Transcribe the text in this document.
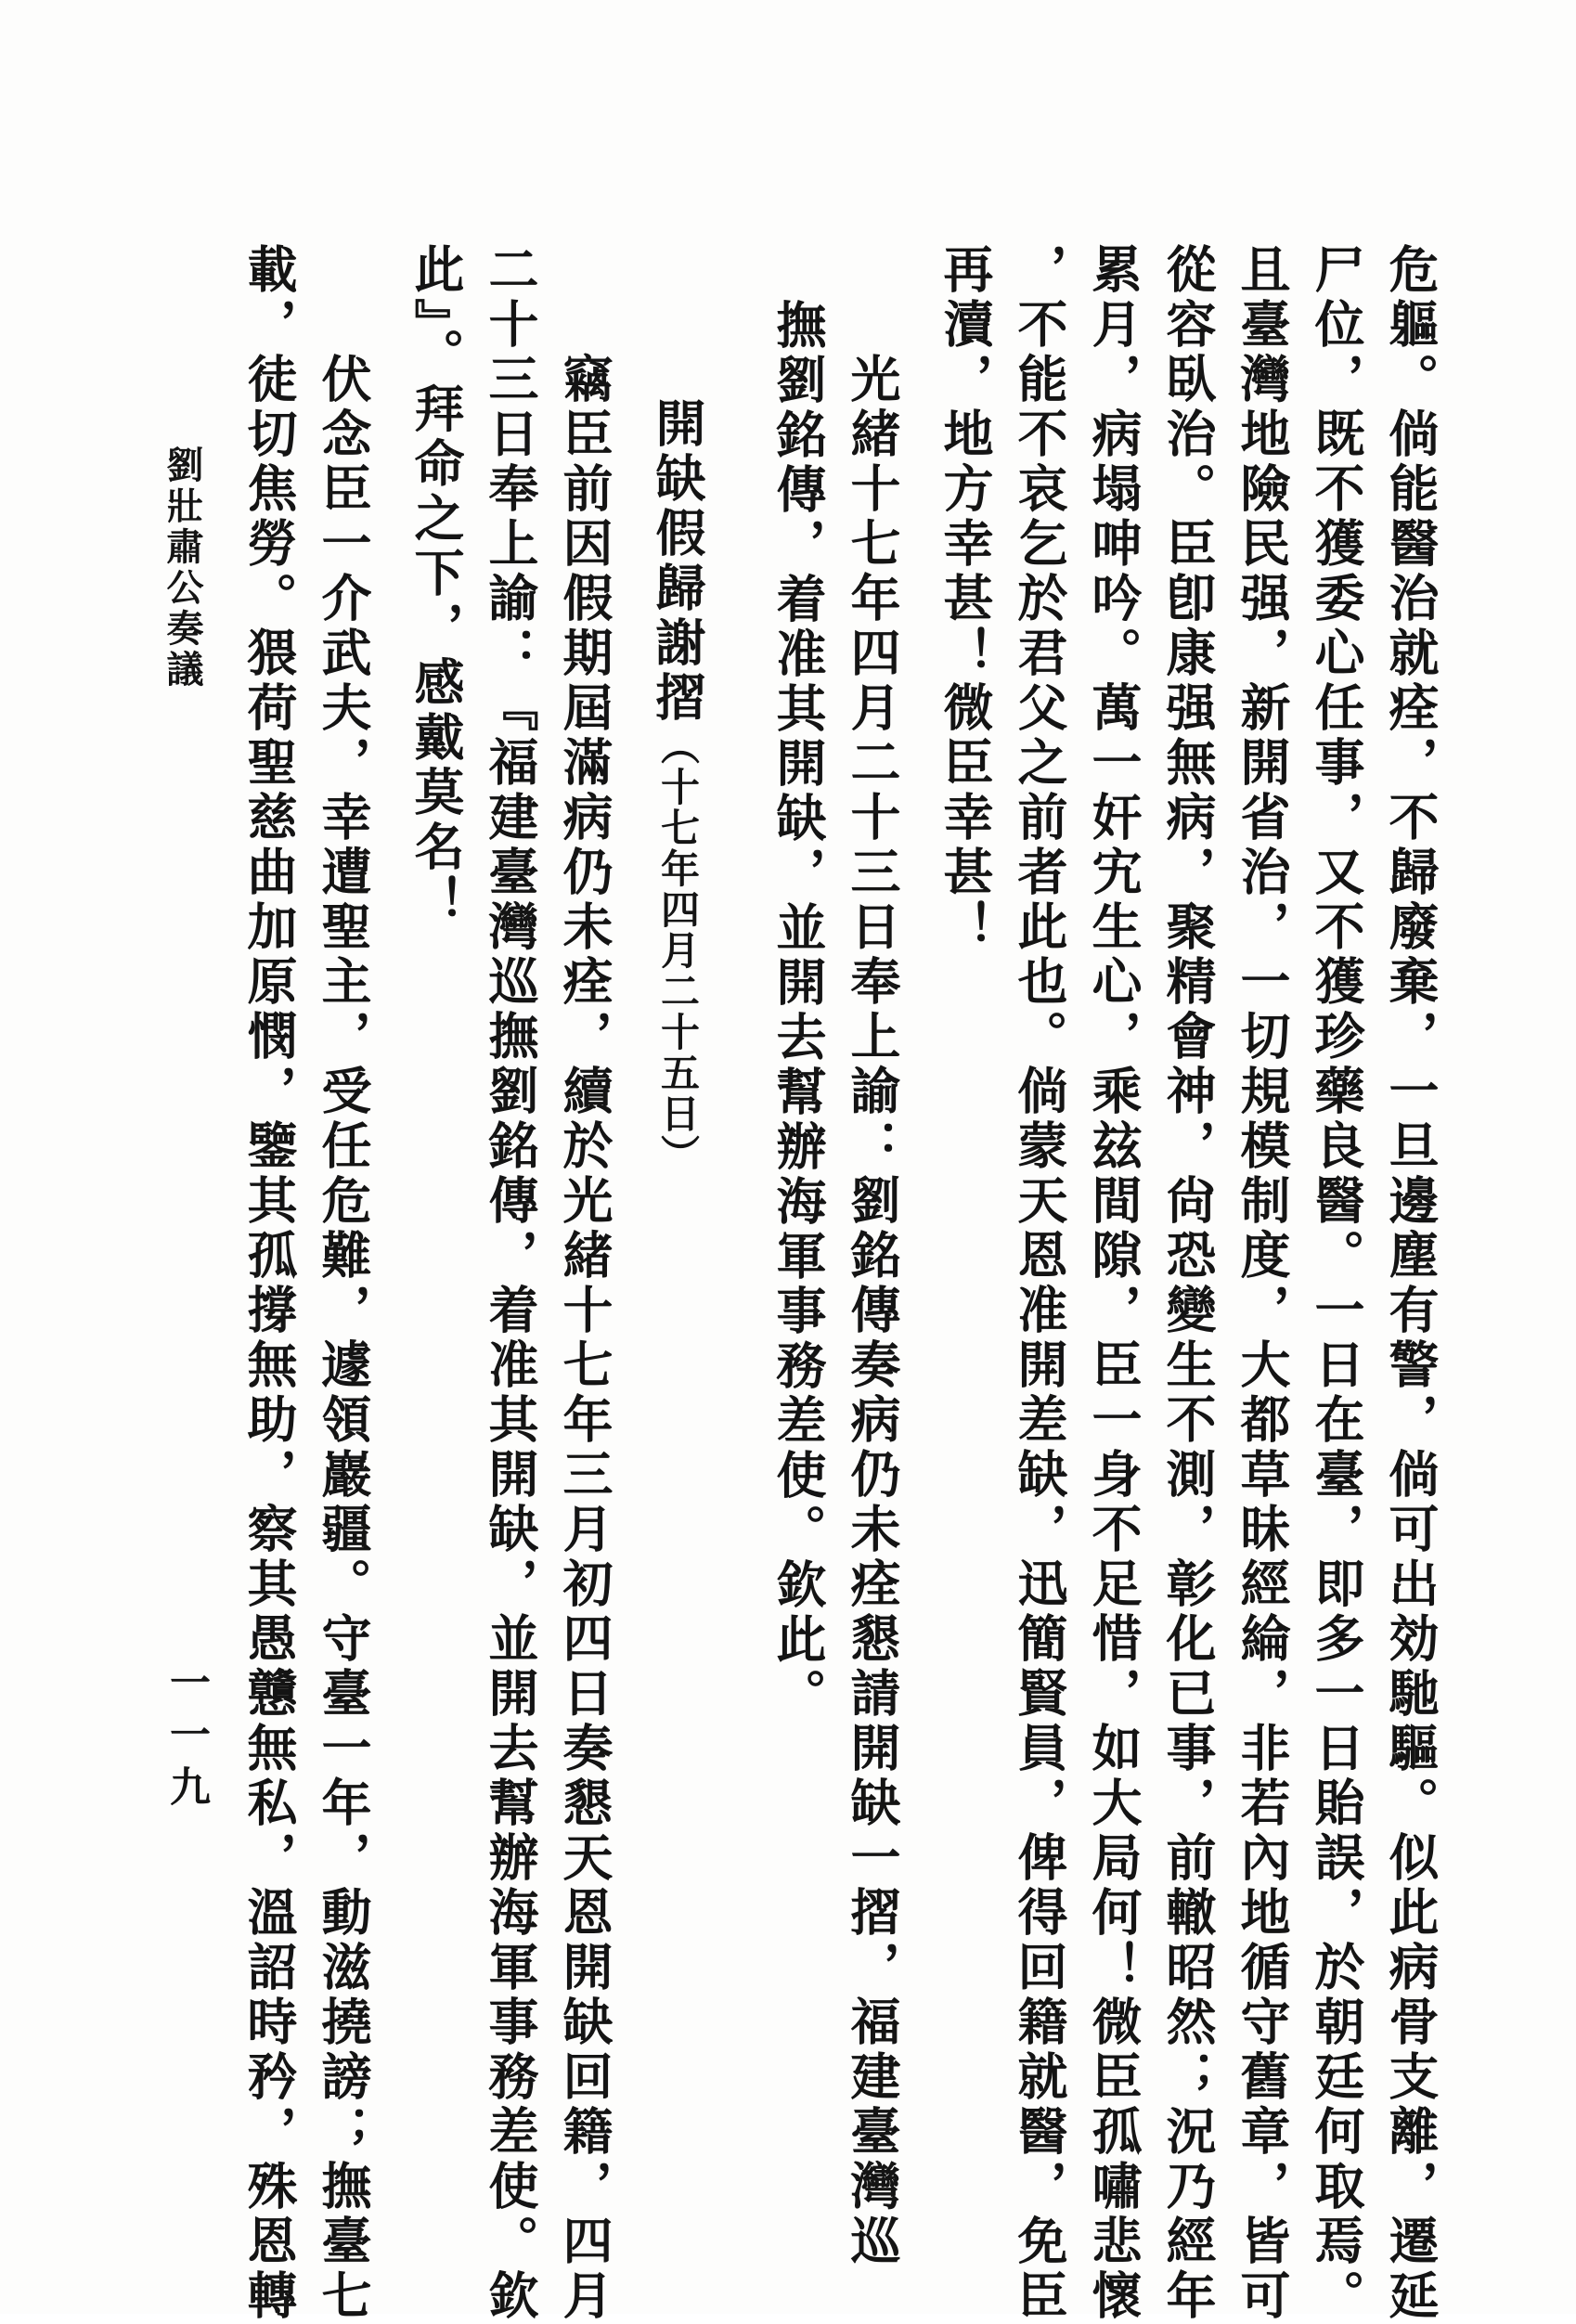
危軀。倘能醫治就痊，不歸廢棄，一旦邊塵有警，倘可出効馳驅。似此病骨支離，遷延
尸位，既不獲委心任事，又不獲珍藥良醫。一日在臺，即多一日貽誤，於朝廷何取焉。
且臺灣地險民强，新開省治，一切規模制度，大都草昧經綸，非若內地循守舊章，皆可
從容臥治。臣卽康强無病，聚精會神，尙恐變生不測，彰化已事，前轍昭然；況乃經年
累月，病塌呻吟。萬一奸宄生心，乘玆間隙，臣一身不足惜，如大局何！微臣孤嘯悲懷
，不能不哀乞於君父之前者此也。倘蒙天恩准開差缺，迅簡賢員，俾得回籍就醫，免臣
再瀆，地方幸甚！微臣幸甚！
　　光緒十七年四月二十三日奉上諭：劉銘傳奏病仍未痊懇請開缺一摺，福建臺灣巡
撫劉銘傳，着准其開缺，並開去幫辦海軍事務差使。欽此。
開缺假歸謝摺（十七年四月二十五日）
　　竊臣前因假期屆滿病仍未痊，續於光緒十七年三月初四日奏懇天恩開缺回籍，四月
二十三日奉上諭：『福建臺灣巡撫劉銘傳，着准其開缺，並開去幫辦海軍事務差使。欽
此』。拜命之下，感戴莫名！
　　伏念臣一介武夫，幸遭聖主，受任危難，遽領巖疆。守臺一年，動滋撓謗；撫臺七
載，徒切焦勞。猥荷聖慈曲加原憫，鑒其孤撐無助，察其愚戇無私，溫詔時矜，殊恩轉
劉壯肅公奏議
一一九
